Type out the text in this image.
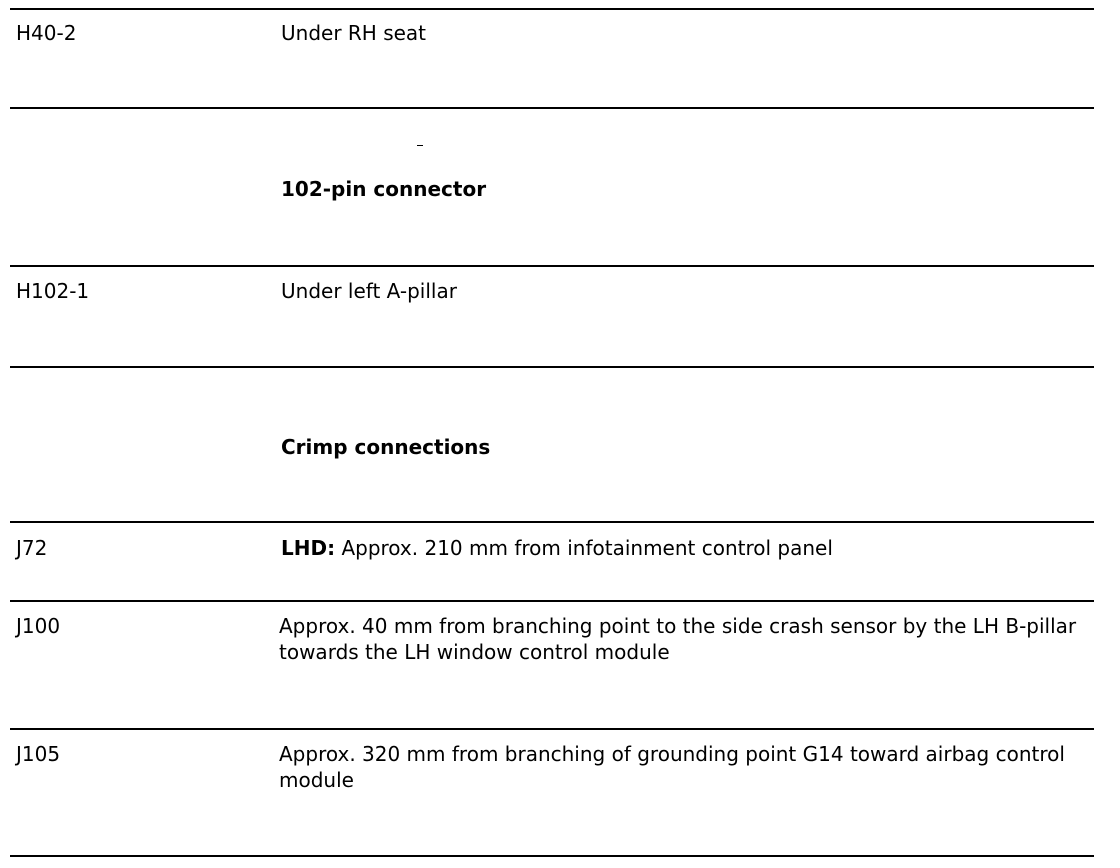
H40-2	Under RH seat
102-pin connector
H102-1	Under left A-pillar
Crimp connections
J72	LHD: Approx. 210 mm from infotainment control panel
J100	Approx. 40 mm from branching point to the side crash sensor by the LH B-pillar towards the LH window control module
J105	Approx. 320 mm from branching of grounding point G14 toward airbag control module
